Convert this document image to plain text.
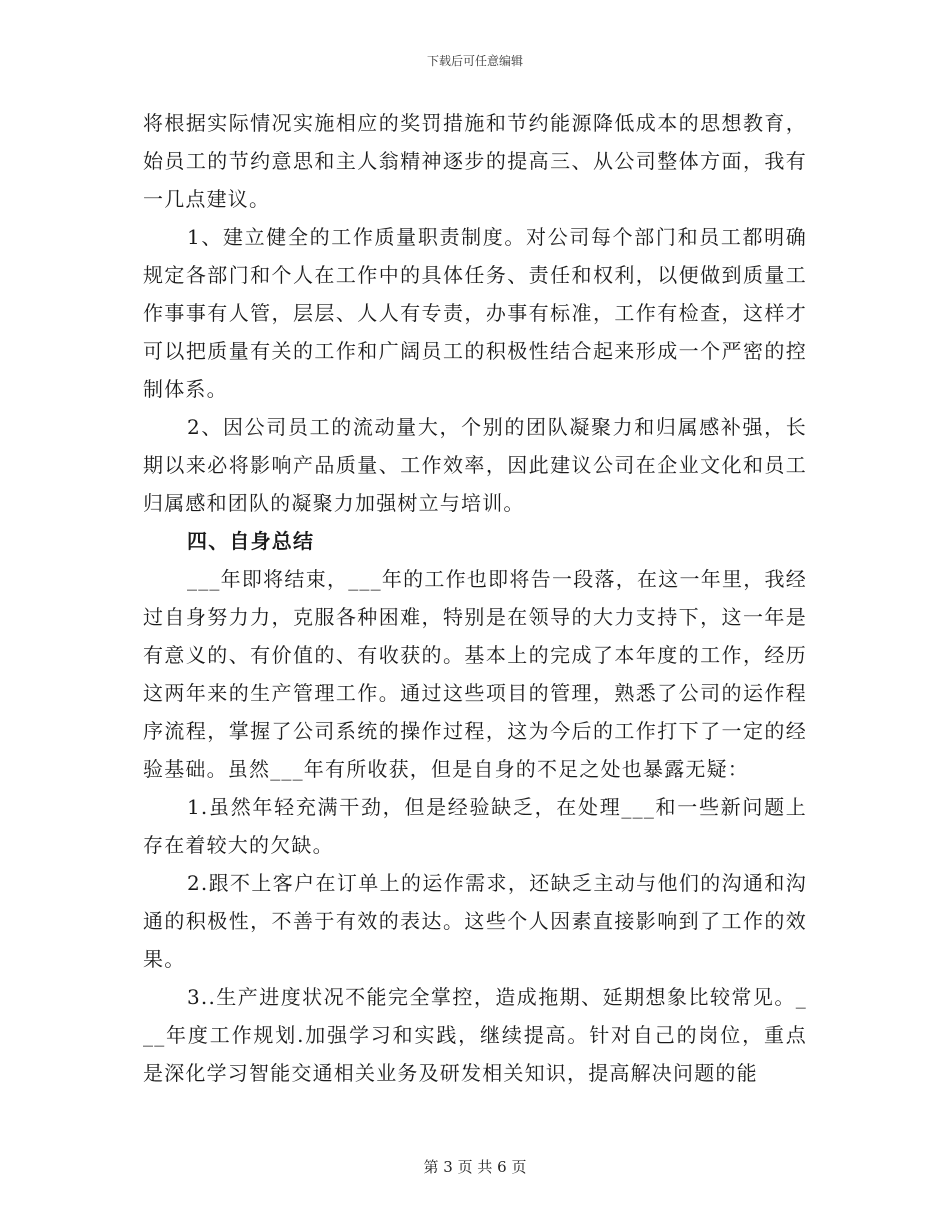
下载后可任意编辑

将根据实际情况实施相应的奖罚措施和节约能源降低成本的思想教育，始员工的节约意思和主人翁精神逐步的提高三、从公司整体方面，我有一几点建议。

1、建立健全的工作质量职责制度。对公司每个部门和员工都明确规定各部门和个人在工作中的具体任务、责任和权利，以便做到质量工作事事有人管，层层、人人有专责，办事有标准，工作有检查，这样才可以把质量有关的工作和广阔员工的积极性结合起来形成一个严密的控制体系。

2、因公司员工的流动量大，个别的团队凝聚力和归属感补强，长期以来必将影响产品质量、工作效率，因此建议公司在企业文化和员工归属感和团队的凝聚力加强树立与培训。

四、自身总结

___年即将结束，___年的工作也即将告一段落，在这一年里，我经过自身努力力，克服各种困难，特别是在领导的大力支持下，这一年是有意义的、有价值的、有收获的。基本上的完成了本年度的工作，经历这两年来的生产管理工作。通过这些项目的管理，熟悉了公司的运作程序流程，掌握了公司系统的操作过程，这为今后的工作打下了一定的经验基础。虽然___年有所收获，但是自身的不足之处也暴露无疑：

1.虽然年轻充满干劲，但是经验缺乏，在处理___和一些新问题上存在着较大的欠缺。

2.跟不上客户在订单上的运作需求，还缺乏主动与他们的沟通和沟通的积极性，不善于有效的表达。这些个人因素直接影响到了工作的效果。

3..生产进度状况不能完全掌控，造成拖期、延期想象比较常见。___年度工作规划.加强学习和实践，继续提高。针对自己的岗位，重点是深化学习智能交通相关业务及研发相关知识，提高解决问题的能

第 3 页 共 6 页
